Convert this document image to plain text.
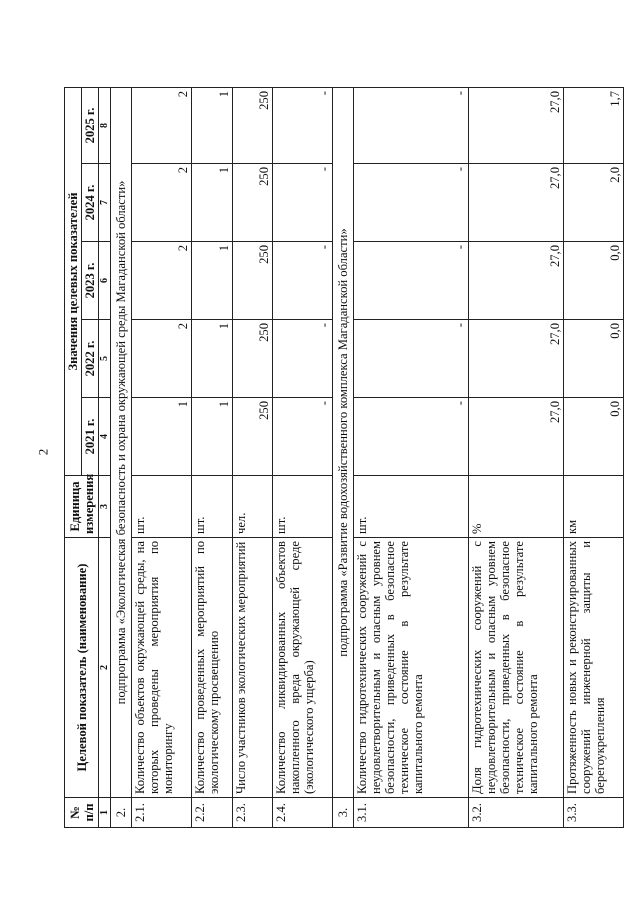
2
№ п/п	Целевой показатель (наименование)	Единица измерения	Значения целевых показателей				
			2021 г.	2022 г.	2023 г.	2024 г.	2025 г.
1	2	3	4	5	6	7	8
2.	подпрограмма «Экологическая безопасность и охрана окружающей среды Магаданской области»						
2.1.	Количество объектов окружающей среды, на которых проведены мероприятия по мониторингу	шт.	1	2	2	2	2
2.2.	Количество проведенных мероприятий по экологическому просвещению	шт.	1	1	1	1	1
2.3.	Число участников экологических мероприятий	чел.	250	250	250	250	250
2.4.	Количество ликвидированных объектов накопленного вреда окружающей среде (экологического ущерба)	шт.	-	-	-	-	-
3.	подпрограмма «Развитие водохозяйственного комплекса Магаданской области»						
3.1.	Количество гидротехнических сооружений с неудовлетворительным и опасным уровнем безопасности, приведенных в безопасное техническое состояние в результате капитального ремонта	шт.	-	-	-	-	-
3.2.	Доля гидротехнических сооружений с неудовлетворительным и опасным уровнем безопасности, приведенных в безопасное техническое состояние в результате капитального ремонта	%	27,0	27,0	27,0	27,0	27,0
3.3.	Протяженность новых и реконструированных сооружений инженерной защиты и берегоукрепления	км	0,0	0,0	0,0	2,0	1,7
